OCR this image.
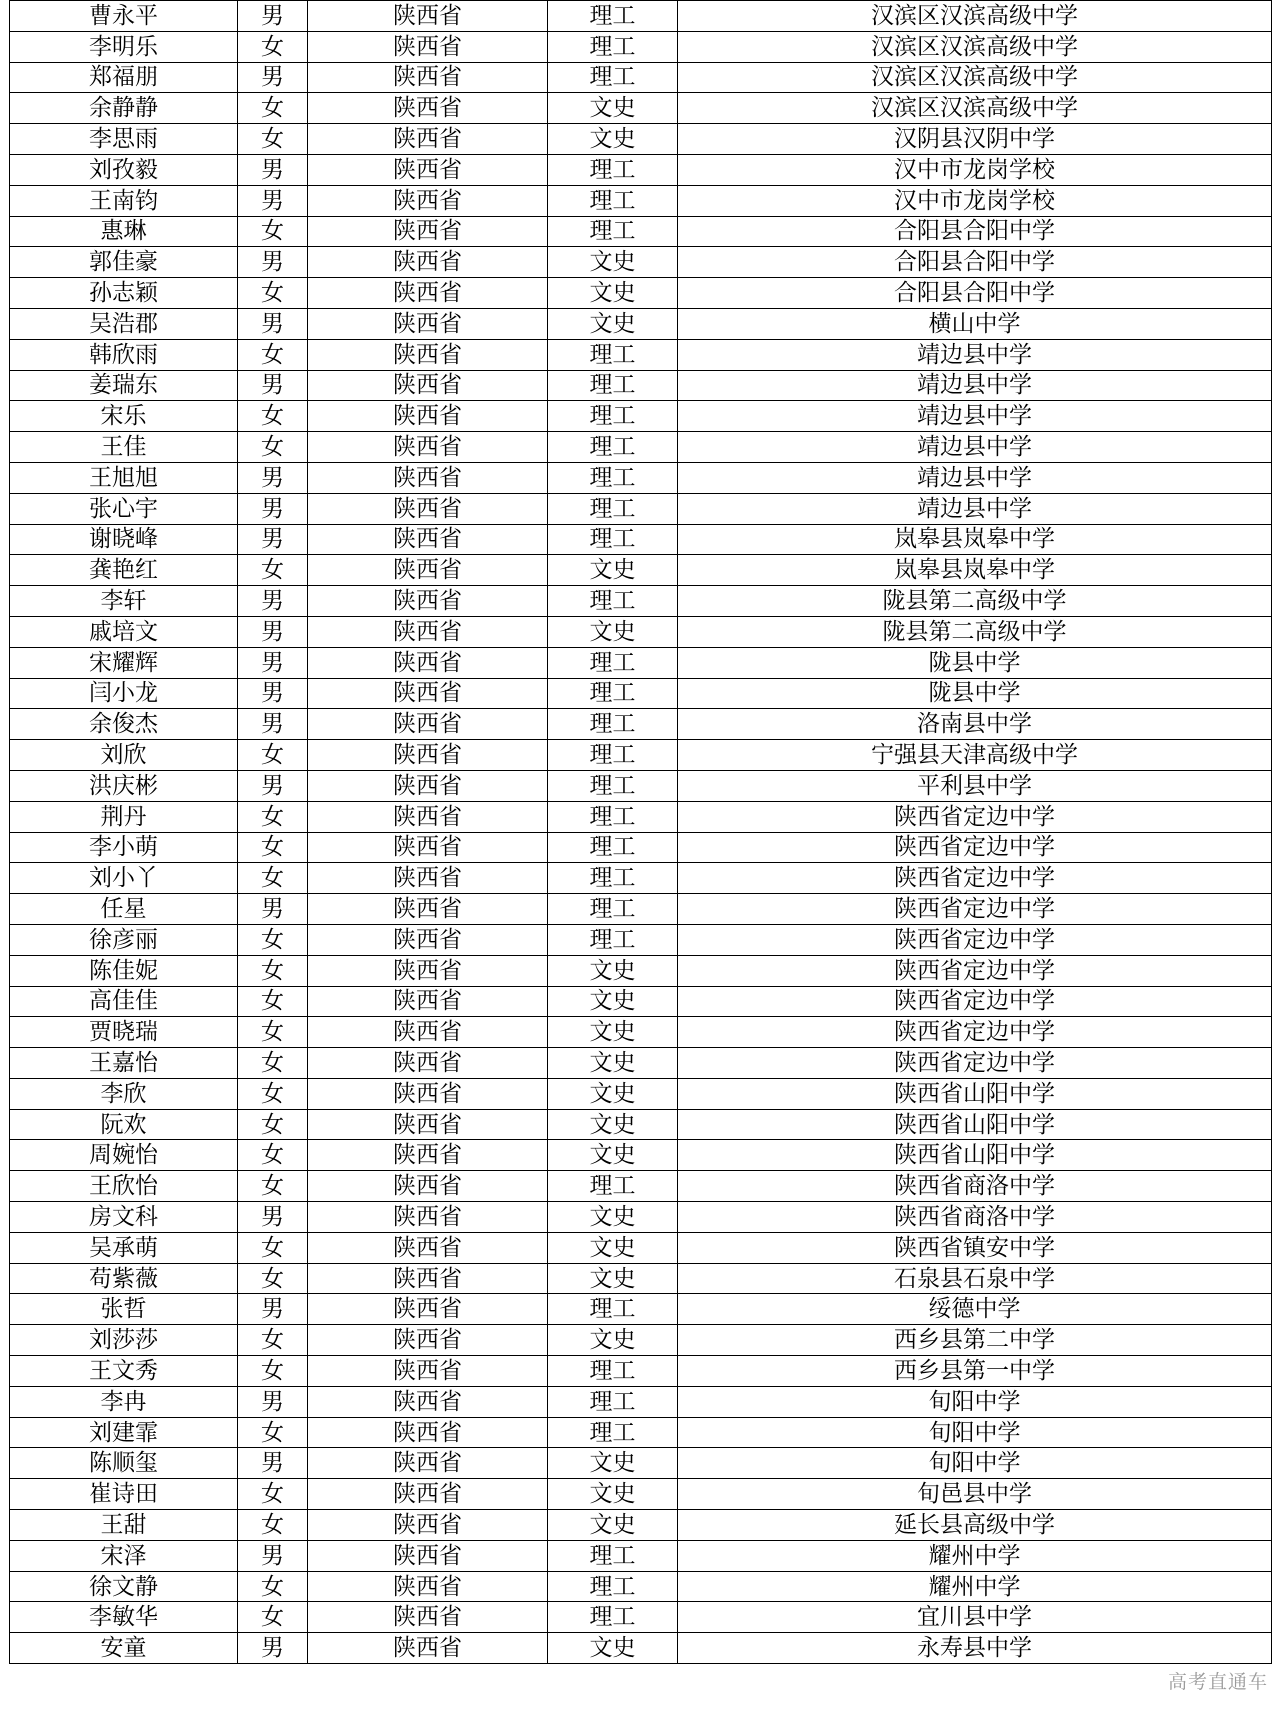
曹永平	男	陕西省	理工	汉滨区汉滨高级中学
李明乐	女	陕西省	理工	汉滨区汉滨高级中学
郑福朋	男	陕西省	理工	汉滨区汉滨高级中学
余静静	女	陕西省	文史	汉滨区汉滨高级中学
李思雨	女	陕西省	文史	汉阴县汉阴中学
刘孜毅	男	陕西省	理工	汉中市龙岗学校
王南钧	男	陕西省	理工	汉中市龙岗学校
惠琳	女	陕西省	理工	合阳县合阳中学
郭佳豪	男	陕西省	文史	合阳县合阳中学
孙志颖	女	陕西省	文史	合阳县合阳中学
吴浩郡	男	陕西省	文史	横山中学
韩欣雨	女	陕西省	理工	靖边县中学
姜瑞东	男	陕西省	理工	靖边县中学
宋乐	女	陕西省	理工	靖边县中学
王佳	女	陕西省	理工	靖边县中学
王旭旭	男	陕西省	理工	靖边县中学
张心宇	男	陕西省	理工	靖边县中学
谢晓峰	男	陕西省	理工	岚皋县岚皋中学
龚艳红	女	陕西省	文史	岚皋县岚皋中学
李轩	男	陕西省	理工	陇县第二高级中学
戚培文	男	陕西省	文史	陇县第二高级中学
宋耀辉	男	陕西省	理工	陇县中学
闫小龙	男	陕西省	理工	陇县中学
余俊杰	男	陕西省	理工	洛南县中学
刘欣	女	陕西省	理工	宁强县天津高级中学
洪庆彬	男	陕西省	理工	平利县中学
荆丹	女	陕西省	理工	陕西省定边中学
李小萌	女	陕西省	理工	陕西省定边中学
刘小丫	女	陕西省	理工	陕西省定边中学
任星	男	陕西省	理工	陕西省定边中学
徐彦丽	女	陕西省	理工	陕西省定边中学
陈佳妮	女	陕西省	文史	陕西省定边中学
高佳佳	女	陕西省	文史	陕西省定边中学
贾晓瑞	女	陕西省	文史	陕西省定边中学
王嘉怡	女	陕西省	文史	陕西省定边中学
李欣	女	陕西省	文史	陕西省山阳中学
阮欢	女	陕西省	文史	陕西省山阳中学
周婉怡	女	陕西省	文史	陕西省山阳中学
王欣怡	女	陕西省	理工	陕西省商洛中学
房文科	男	陕西省	文史	陕西省商洛中学
吴承萌	女	陕西省	文史	陕西省镇安中学
苟紫薇	女	陕西省	文史	石泉县石泉中学
张哲	男	陕西省	理工	绥德中学
刘莎莎	女	陕西省	文史	西乡县第二中学
王文秀	女	陕西省	理工	西乡县第一中学
李冉	男	陕西省	理工	旬阳中学
刘建霏	女	陕西省	理工	旬阳中学
陈顺玺	男	陕西省	文史	旬阳中学
崔诗田	女	陕西省	文史	旬邑县中学
王甜	女	陕西省	文史	延长县高级中学
宋泽	男	陕西省	理工	耀州中学
徐文静	女	陕西省	理工	耀州中学
李敏华	女	陕西省	理工	宜川县中学
安童	男	陕西省	文史	永寿县中学
高考直通车
